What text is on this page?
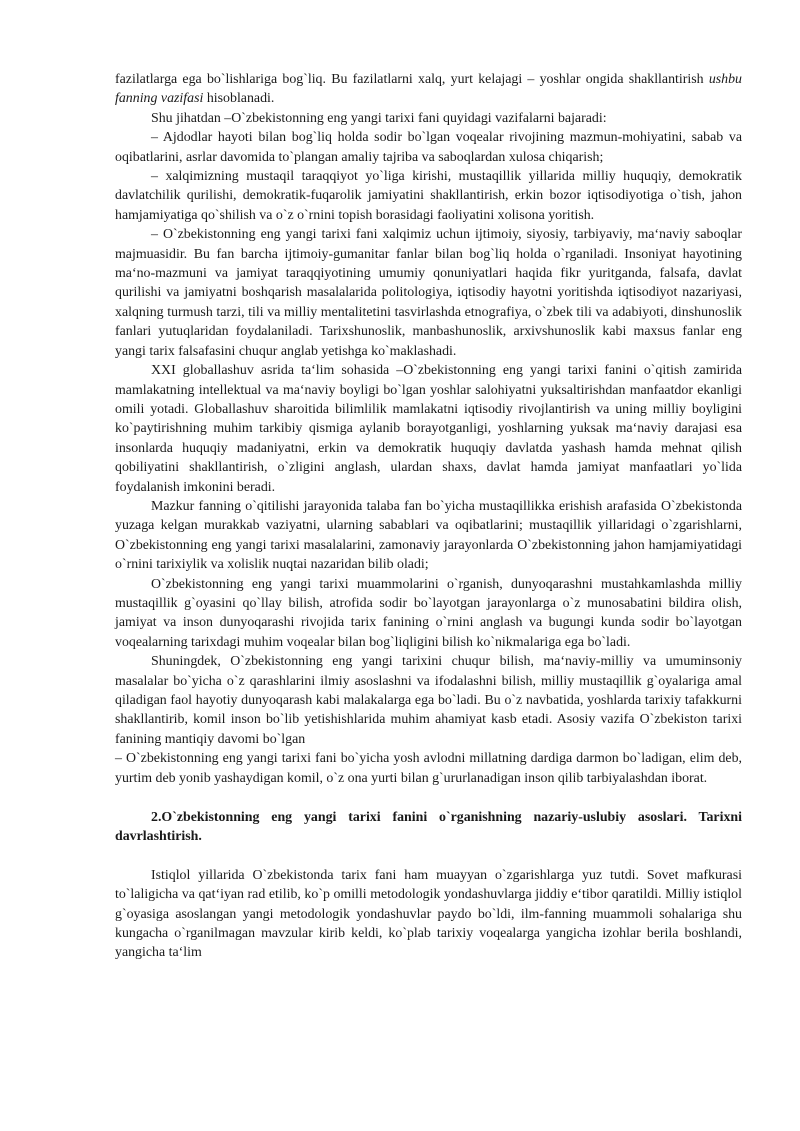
fazilatlarga ega bo`lishlariga bog`liq. Bu fazilatlarni xalq, yurt kelajagi – yoshlar ongida shakllantirish ushbu fanning vazifasi hisoblanadi.

Shu jihatdan –O`zbekistonning eng yangi tarixi fani quyidagi vazifalarni bajaradi:

– Ajdodlar hayoti bilan bog`liq holda sodir bo`lgan voqealar rivojining mazmun-mohiyatini, sabab va oqibatlarini, asrlar davomida to`plangan amaliy tajriba va saboqlardan xulosa chiqarish;

– xalqimizning mustaqil taraqqiyot yo`liga kirishi, mustaqillik yillarida milliy huquqiy, demokratik davlatchilik qurilishi, demokratik-fuqarolik jamiyatini shakllantirish, erkin bozor iqtisodiyotiga o`tish, jahon hamjamiyatiga qo`shilish va o`z o`rnini topish borasidagi faoliyatini xolisona yoritish.

– O`zbekistonning eng yangi tarixi fani xalqimiz uchun ijtimoiy, siyosiy, tarbiyaviy, ma‘naviy saboqlar majmuasidir. Bu fan barcha ijtimoiy-gumanitar fanlar bilan bog`liq holda o`rganiladi. Insoniyat hayotining ma‘no-mazmuni va jamiyat taraqqiyotining umumiy qonuniyatlari haqida fikr yuritganda, falsafa, davlat qurilishi va jamiyatni boshqarish masalalarida politologiya, iqtisodiy hayotni yoritishda iqtisodiyot nazariyasi, xalqning turmush tarzi, tili va milliy mentalitetini tasvirlashda etnografiya, o`zbek tili va adabiyoti, dinshunoslik fanlari yutuqlaridan foydalaniladi. Tarixshunoslik, manbashunoslik, arxivshunoslik kabi maxsus fanlar eng yangi tarix falsafasini chuqur anglab yetishga ko`maklashadi.

XXI globallashuv asrida ta‘lim sohasida –O`zbekistonning eng yangi tarixi fanini o`qitish zamirida mamlakatning intellektual va ma‘naviy boyligi bo`lgan yoshlar salohiyatni yuksaltirishdan manfaatdor ekanligi omili yotadi. Globallashuv sharoitida bilimlilik mamlakatni iqtisodiy rivojlantirish va uning milliy boyligini ko`paytirishning muhim tarkibiy qismiga aylanib borayotganligi, yoshlarning yuksak ma‘naviy darajasi esa insonlarda huquqiy madaniyatni, erkin va demokratik huquqiy davlatda yashash hamda mehnat qilish qobiliyatini shakllantirish, o`zligini anglash, ulardan shaxs, davlat hamda jamiyat manfaatlari yo`lida foydalanish imkonini beradi.

Mazkur fanning o`qitilishi jarayonida talaba fan bo`yicha mustaqillikka erishish arafasida O`zbekistonda yuzaga kelgan murakkab vaziyatni, ularning sabablari va oqibatlarini; mustaqillik yillaridagi o`zgarishlarni, O`zbekistonning eng yangi tarixi masalalarini, zamonaviy jarayonlarda O`zbekistonning jahon hamjamiyatidagi o`rnini tarixiylik va xolislik nuqtai nazaridan bilib oladi;

O`zbekistonning eng yangi tarixi muammolarini o`rganish, dunyoqarashni mustahkamlashda milliy mustaqillik g`oyasini qo`llay bilish, atrofida sodir bo`layotgan jarayonlarga o`z munosabatini bildira olish, jamiyat va inson dunyoqarashi rivojida tarix fanining o`rnini anglash va bugungi kunda sodir bo`layotgan voqealarning tarixdagi muhim voqealar bilan bog`liqligini bilish ko`nikmalariga ega bo`ladi.

Shuningdek, O`zbekistonning eng yangi tarixini chuqur bilish, ma‘naviy-milliy va umuminsoniy masalalar bo`yicha o`z qarashlarini ilmiy asoslashni va ifodalashni bilish, milliy mustaqillik g`oyalariga amal qiladigan faol hayotiy dunyoqarash kabi malakalarga ega bo`ladi. Bu o`z navbatida, yoshlarda tarixiy tafakkurni shakllantirib, komil inson bo`lib yetishishlarida muhim ahamiyat kasb etadi. Asosiy vazifa O`zbekiston tarixi fanining mantiqiy davomi bo`lgan

– O`zbekistonning eng yangi tarixi fani bo`yicha yosh avlodni millatning dardiga darmon bo`ladigan, elim deb, yurtim deb yonib yashaydigan komil, o`z ona yurti bilan g`ururlanadigan inson qilib tarbiyalashdan iborat.

2.O`zbekistonning eng yangi tarixi fanini o`rganishning nazariy-uslubiy asoslari. Tarixni davrlashtirish.

Istiqlol yillarida O`zbekistonda tarix fani ham muayyan o`zgarishlarga yuz tutdi. Sovet mafkurasi to`laligicha va qat‘iyan rad etilib, ko`p omilli metodologik yondashuvlarga jiddiy e‘tibor qaratildi. Milliy istiqlol g`oyasiga asoslangan yangi metodologik yondashuvlar paydo bo`ldi, ilm-fanning muammoli sohalariga shu kungacha o`rganilmagan mavzular kirib keldi, ko`plab tarixiy voqealarga yangicha izohlar berila boshlandi, yangicha ta‘lim
